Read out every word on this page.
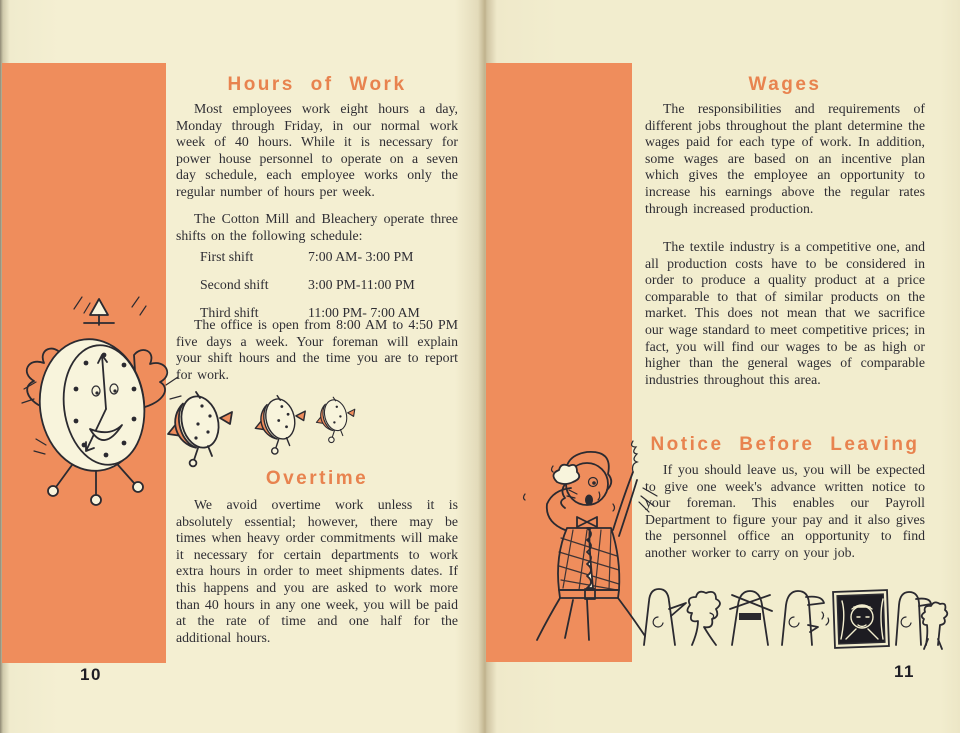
Hours of Work
Most employees work eight hours a day, Monday through Friday, in our normal work week of 40 hours. While it is necessary for power house personnel to operate on a seven day schedule, each employee works only the regular number of hours per week.
The Cotton Mill and Bleachery operate three shifts on the following schedule:
First shift	7:00 AM- 3:00 PM
Second shift	3:00 PM-11:00 PM
Third shift	11:00 PM- 7:00 AM
The office is open from 8:00 AM to 4:50 PM five days a week. Your foreman will explain your shift hours and the time you are to report for work.
Overtime
We avoid overtime work unless it is absolutely essential; however, there may be times when heavy order commitments will make it necessary for certain departments to work extra hours in order to meet shipments dates. If this happens and you are asked to work more than 40 hours in any one week, you will be paid at the rate of time and one half for the additional hours.
10
Wages
The responsibilities and requirements of different jobs throughout the plant determine the wages paid for each type of work. In addition, some wages are based on an incentive plan which gives the employee an opportunity to increase his earnings above the regular rates through increased production.
The textile industry is a competitive one, and all production costs have to be considered in order to produce a quality product at a price comparable to that of similar products on the market. This does not mean that we sacrifice our wage standard to meet competitive prices; in fact, you will find our wages to be as high or higher than the general wages of comparable industries throughout this area.
Notice Before Leaving
If you should leave us, you will be expected to give one week's advance written notice to your foreman. This enables our Payroll Department to figure your pay and it also gives the personnel office an opportunity to find another worker to carry on your job.
11
